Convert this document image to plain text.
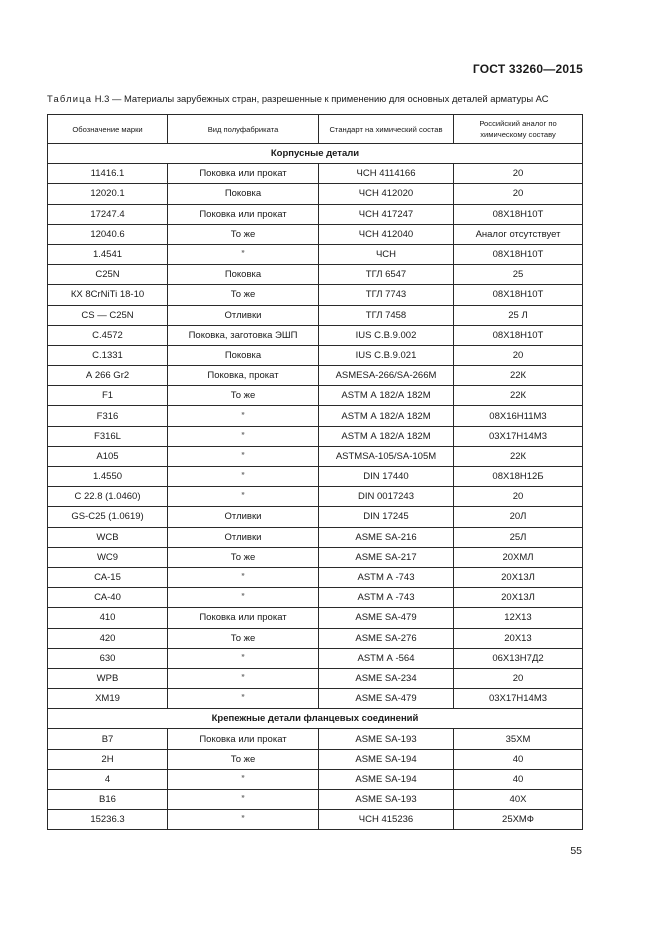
ГОСТ 33260—2015
Таблица Н.3 — Материалы зарубежных стран, разрешенные к применению для основных деталей арматуры АС
Обозначение марки	Вид полуфабриката	Стандарт на химический состав	Российский аналог по химическому составу
Корпусные детали			
11416.1	Поковка или прокат	ЧСН 4114166	20
12020.1	Поковка	ЧСН 412020	20
17247.4	Поковка или прокат	ЧСН 417247	08Х18Н10Т
12040.6	То же	ЧСН 412040	Аналог отсутствует
1.4541	”	ЧСН	08Х18Н10Т
С25N	Поковка	ТГЛ 6547	25
КХ 8CrNiTi 18-10	То же	ТГЛ 7743	08Х18Н10Т
CS — C25N	Отливки	ТГЛ 7458	25 Л
С.4572	Поковка, заготовка ЭШП	IUS С.В.9.002	08Х18Н10Т
С.1331	Поковка	IUS С.В.9.021	20
А 266 Gr2	Поковка, прокат	ASMESA-266/SA-266M	22К
F1	То же	ASTM А 182/А 182М	22К
F316	”	ASTM А 182/А 182М	08Х16Н11М3
F316L	”	ASTM А 182/А 182М	03Х17Н14М3
А105	”	ASTMSA-105/SA-105M	22К
1.4550	”	DIN 17440	08Х18Н12Б
С 22.8 (1.0460)	”	DIN 0017243	20
GS-C25 (1.0619)	Отливки	DIN 17245	20Л
WCB	Отливки	ASME SA-216	25Л
WC9	То же	ASME SA-217	20ХМЛ
СА-15	”	ASTM А -743	20Х13Л
СА-40	”	ASTM А -743	20Х13Л
410	Поковка или прокат	ASME SA-479	12Х13
420	То же	ASME SA-276	20Х13
630	”	ASTM А -564	06Х13Н7Д2
WPB	”	ASME SA-234	20
ХМ19	”	ASME SA-479	03Х17Н14М3
Крепежные детали фланцевых соединений			
В7	Поковка или прокат	ASME SA-193	35ХМ
2Н	То же	ASME SA-194	40
4	”	ASME SA-194	40
В16	”	ASME SA-193	40Х
15236.3	”	ЧСН 415236	25ХМФ
55
